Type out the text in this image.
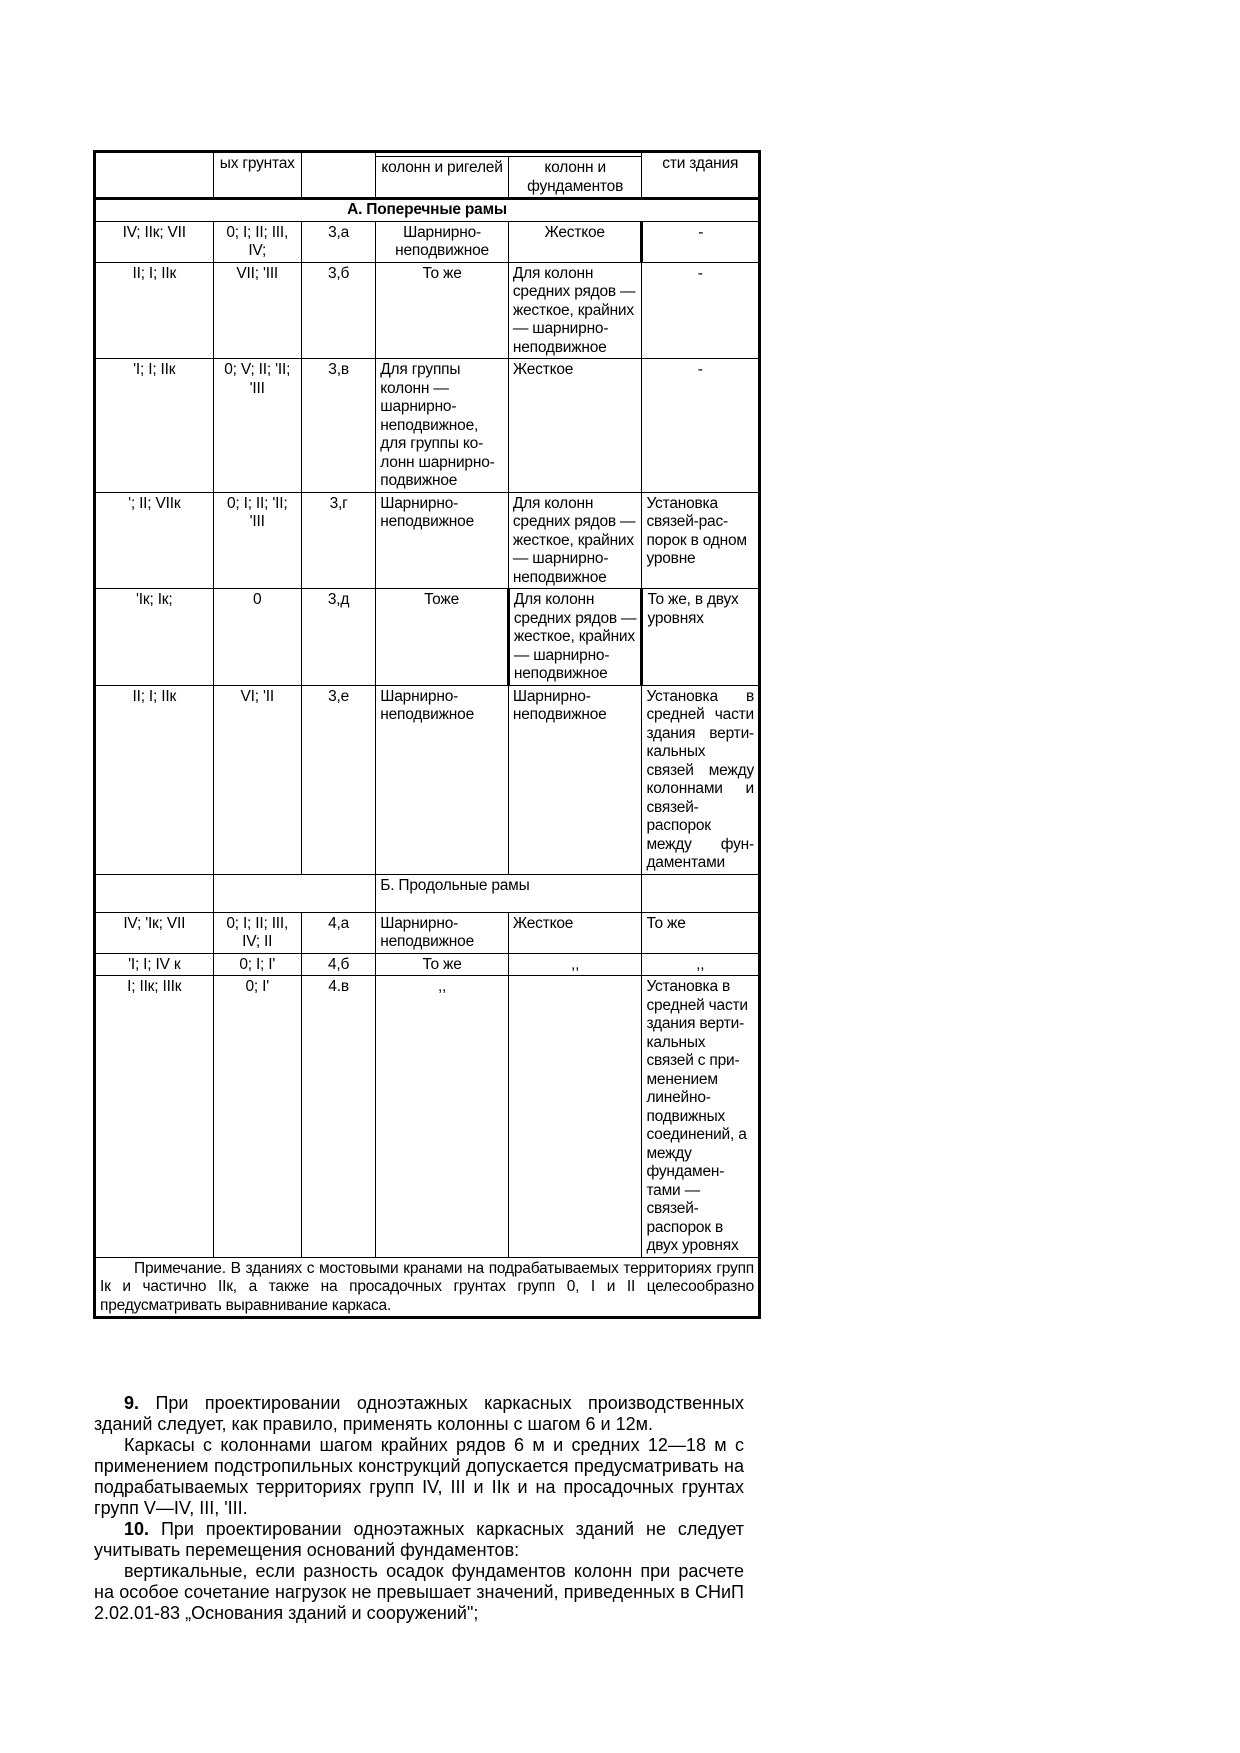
	ых грунтах				сти здания
			колонн и ригелей	колонн и фундаментов	

А. Поперечные рамы					
IV; IIк; VII	0; I; II; III, IV;	3,а	Шарнирно-неподвижное	Жесткое	-
II; I; IIк	VII; 'III	3,б	То же	Для колонн средних рядов — жесткое, крайних — шарнирно-неподвижное	-
'I; I; IIк	0; V; II; 'II; 'III	3,в	Для группы колонн — шарнирно-неподвижное, для группы ко-лонн шарнирно-подвижное	Жесткое	-
'; II; VIIк	0; I; II; 'II; 'III	3,г	Шарнирно-неподвижное	Для колонн средних рядов — жесткое, крайних — шарнирно-неподвижное	Установка связей-рас-порок в одном уровне
'Iк; Iк;	0	3,д	Тоже	Для колонн средних рядов — жесткое, крайних — шарнирно-неподвижное	То же, в двух уровнях
II; I; IIк	VI; 'II	3,е	Шарнирно-неподвижное	Шарнирно-неподвижное	Установка в средней части здания верти-кальных связей между колоннами и связей-распорок между фун-даментами
			Б. Продольные рамы		
IV; 'Iк; VII	0; I; II; III, IV; II	4,а	Шарнирно-неподвижное	Жесткое	То же
'I; I; IV к	0; I; I'	4,б	То же	,,	,,
I; IIк; IIIк	0; I'	4.в	,,		Установка в средней части здания верти-кальных связей с при-менением линейно-подвижных соединений, а между фундамен-тами — связей-распорок в двух уровнях
Примечание. В зданиях с мостовыми кранами на подрабатываемых территориях групп Iк и частично IIк, а также на просадочных грунтах групп 0, I и II целесообразно предусматривать выравнивание каркаса.					

9. При проектировании одноэтажных каркасных производственных зданий следует, как правило, применять колонны с шагом 6 и 12м.

Каркасы с колоннами шагом крайних рядов 6 м и средних 12—18 м с применением подстропильных конструкций допускается предусматривать на подрабатываемых территориях групп IV, III и IIк и на просадочных грунтах групп V—IV, III, 'III.

10. При проектировании одноэтажных каркасных зданий не следует учитывать перемещения оснований фундаментов:

вертикальные, если разность осадок фундаментов колонн при расчете на особое сочетание нагрузок не превышает значений, приведенных в СНиП 2.02.01-83 „Основания зданий и сооружений";
